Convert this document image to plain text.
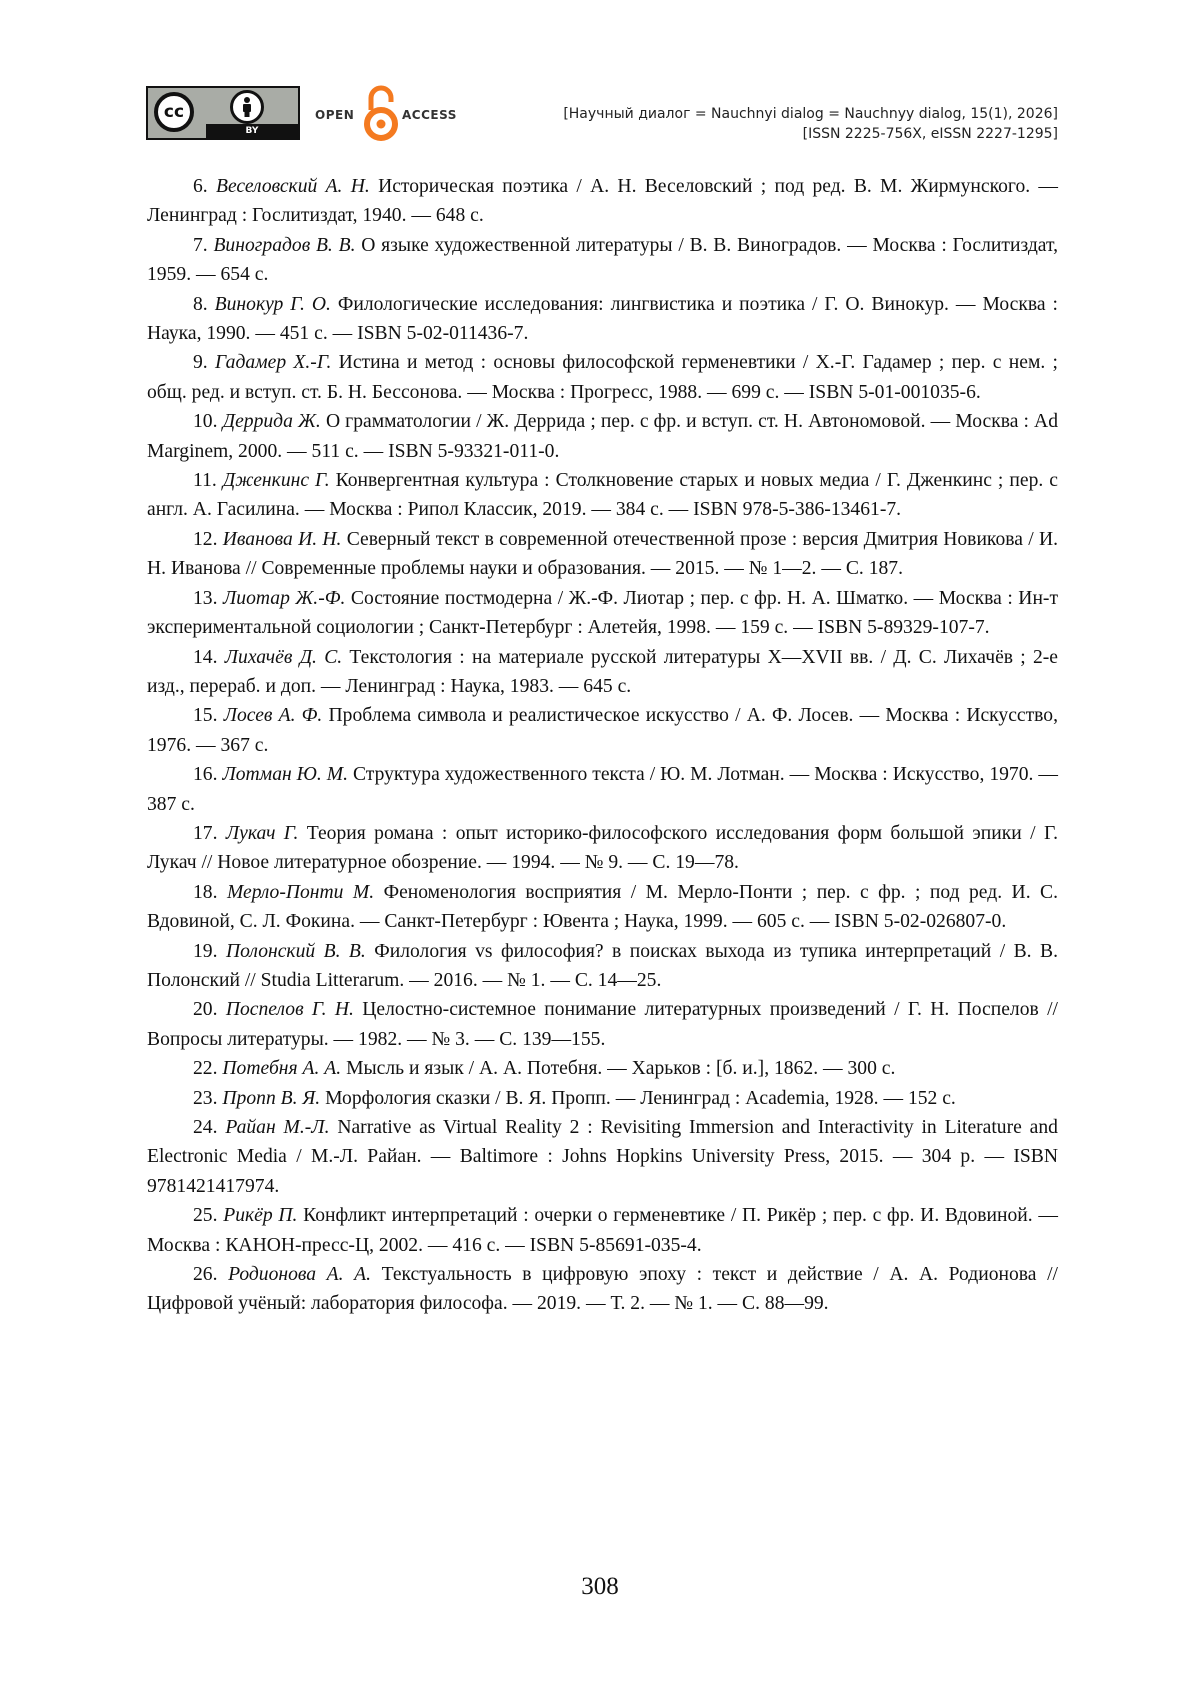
cc
BY
OPEN	ACCESS	[Научный диалог = Nauchnyi dialog = Nauchnyy dialog, 15(1), 2026]
[ISSN 2225-756X, eISSN 2227-1295]

6. Веселовский А. Н. Историческая поэтика / А. Н. Веселовский ; под ред. В. М. Жирмунского. — Ленинград : Гослитиздат, 1940. — 648 с.

7. Виноградов В. В. О языке художественной литературы / В. В. Виноградов. — Москва : Гослитиздат, 1959. — 654 с.

8. Винокур Г. О. Филологические исследования: лингвистика и поэтика / Г. О. Винокур. — Москва : Наука, 1990. — 451 с. — ISBN 5-02-011436-7.

9. Гадамер Х.-Г. Истина и метод : основы философской герменевтики / Х.-Г. Гадамер ; пер. с нем. ; общ. ред. и вступ. ст. Б. Н. Бессонова. — Москва : Прогресс, 1988. — 699 с. — ISBN 5-01-001035-6.

10. Деррида Ж. О грамматологии / Ж. Деррида ; пер. с фр. и вступ. ст. Н. Автономовой. — Москва : Ad Marginem, 2000. — 511 с. — ISBN 5-93321-011-0.

11. Дженкинс Г. Конвергентная культура : Столкновение старых и новых медиа / Г. Дженкинс ; пер. с англ. А. Гасилина. — Москва : Рипол Классик, 2019. — 384 с. — ISBN 978-5-386-13461-7.

12. Иванова И. Н. Северный текст в современной отечественной прозе : версия Дмитрия Новикова / И. Н. Иванова // Современные проблемы науки и образования. — 2015. — № 1—2. — С. 187.

13. Лиотар Ж.-Ф. Состояние постмодерна / Ж.-Ф. Лиотар ; пер. с фр. Н. А. Шматко. — Москва : Ин-т экспериментальной социологии ; Санкт-Петербург : Алетейя, 1998. — 159 с. — ISBN 5-89329-107-7.

14. Лихачёв Д. С. Текстология : на материале русской литературы X—XVII вв. / Д. С. Лихачёв ; 2-е изд., перераб. и доп. — Ленинград : Наука, 1983. — 645 с.

15. Лосев А. Ф. Проблема символа и реалистическое искусство / А. Ф. Лосев. — Москва : Искусство, 1976. — 367 с.

16. Лотман Ю. М. Структура художественного текста / Ю. М. Лотман. — Москва : Искусство, 1970. — 387 с.

17. Лукач Г. Теория романа : опыт историко-философского исследования форм большой эпики / Г. Лукач // Новое литературное обозрение. — 1994. — № 9. — С. 19—78.

18. Мерло-Понти М. Феноменология восприятия / М. Мерло-Понти ; пер. с фр. ; под ред. И. С. Вдовиной, С. Л. Фокина. — Санкт-Петербург : Ювента ; Наука, 1999. — 605 с. — ISBN 5-02-026807-0.

19. Полонский В. В. Филология vs философия? в поисках выхода из тупика интерпретаций / В. В. Полонский // Studia Litterarum. — 2016. — № 1. — С. 14—25.

20. Поспелов Г. Н. Целостно-системное понимание литературных произведений / Г. Н. Поспелов // Вопросы литературы. — 1982. — № 3. — С. 139—155.

22. Потебня А. А. Мысль и язык / А. А. Потебня. — Харьков : [б. и.], 1862. — 300 с.

23. Пропп В. Я. Морфология сказки / В. Я. Пропп. — Ленинград : Academia, 1928. — 152 с.

24. Райан М.-Л. Narrative as Virtual Reality 2 : Revisiting Immersion and Interactivity in Literature and Electronic Media / М.-Л. Райан. — Baltimore : Johns Hopkins University Press, 2015. — 304 p. — ISBN 9781421417974.

25. Рикёр П. Конфликт интерпретаций : очерки о герменевтике / П. Рикёр ; пер. с фр. И. Вдовиной. — Москва : КАНОН-пресс-Ц, 2002. — 416 с. — ISBN 5-85691-035-4.

26. Родионова А. А. Текстуальность в цифровую эпоху : текст и действие / А. А. Родионова // Цифровой учёный: лаборатория философа. — 2019. — Т. 2. — № 1. — С. 88—99.

308
